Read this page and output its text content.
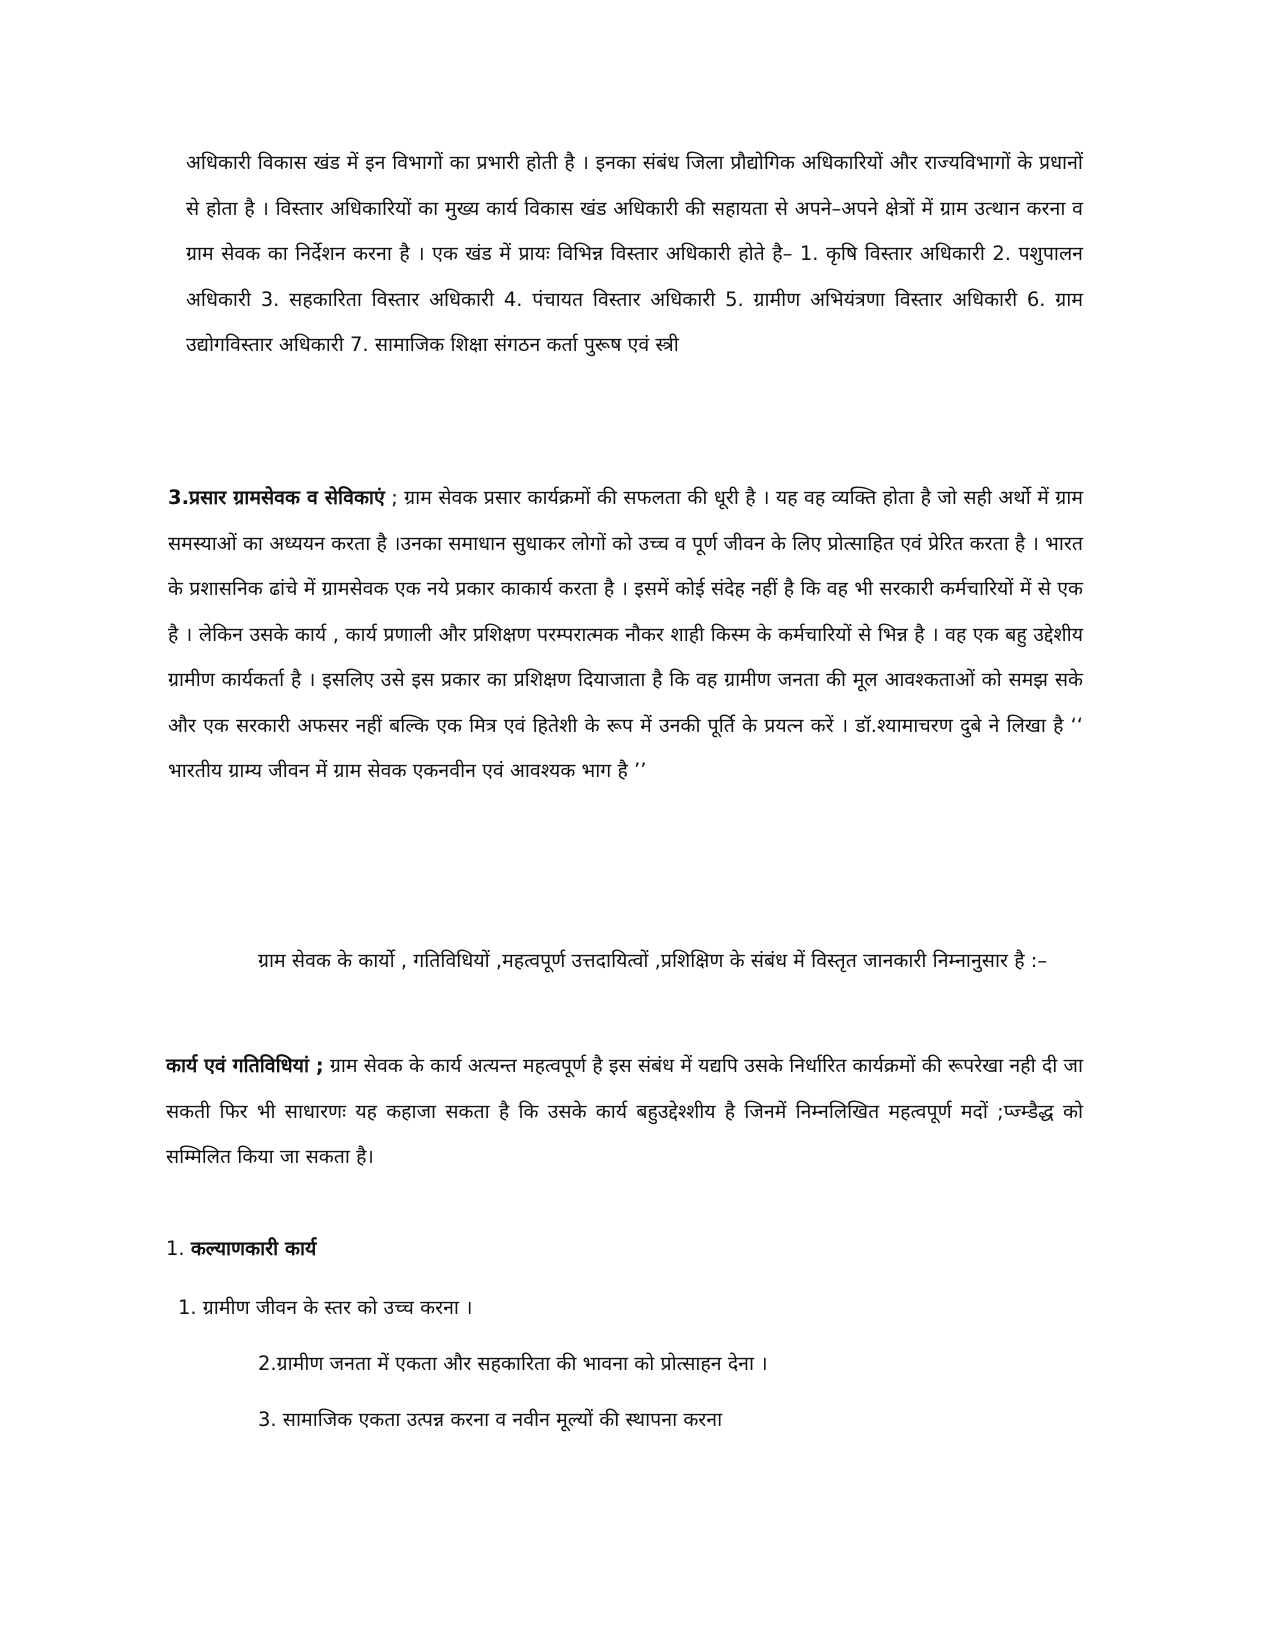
अधिकारी विकास खंड में इन विभागों का प्रभारी होती है । इनका संबंध जिला प्रौद्योगिक अधिकारियों और राज्यविभागों के प्रधानों से होता है । विस्तार अधिकारियों का मुख्य कार्य विकास खंड अधिकारी की सहायता से अपने–अपने क्षेत्रों में ग्राम उत्थान करना व ग्राम सेवक का निर्देशन करना है । एक खंड में प्रायः विभिन्न विस्तार अधिकारी होते है– 1. कृषि विस्तार अधिकारी 2. पशुपालन अधिकारी 3. सहकारिता विस्तार अधिकारी 4. पंचायत विस्तार अधिकारी 5. ग्रामीण अभियंत्रणा विस्तार अधिकारी 6. ग्राम उद्योगविस्तार अधिकारी 7. सामाजिक शिक्षा संगठन कर्ता पुरूष एवं स्त्री

3.प्रसार ग्रामसेवक व सेविकाएं ; ग्राम सेवक प्रसार कार्यक्रमों की सफलता की धूरी है । यह वह व्यक्ति होता है जो सही अर्थो में ग्राम समस्याओं का अध्ययन करता है ।उनका समाधान सुधाकर लोगों को उच्च व पूर्ण जीवन के लिए प्रोत्साहित एवं प्रेरित करता है । भारत के प्रशासनिक ढांचे में ग्रामसेवक एक नये प्रकार काकार्य करता है । इसमें कोई संदेह नहीं है कि वह भी सरकारी कर्मचारियों में से एक है । लेकिन उसके कार्य , कार्य प्रणाली और प्रशिक्षण परम्परात्मक नौकर शाही किस्म के कर्मचारियों से भिन्न है । वह एक बहु उद्देशीय ग्रामीण कार्यकर्ता है । इसलिए उसे इस प्रकार का प्रशिक्षण दियाजाता है कि वह ग्रामीण जनता की मूल आवश्कताओं को समझ सके और एक सरकारी अफसर नहीं बल्कि एक मित्र एवं हितेशी के रूप में उनकी पूर्ति के प्रयत्न करें । डॉ.श्यामाचरण दुबे ने लिखा है ‘‘ भारतीय ग्राम्य जीवन में ग्राम सेवक एकनवीन एवं आवश्यक भाग है ’’

ग्राम सेवक के कार्यो , गतिविधियों ,महत्वपूर्ण उत्तदायित्वों ,प्रशिक्षिण के संबंध में विस्तृत जानकारी निम्नानुसार है :–

कार्य एवं गतिविधियां ; ग्राम सेवक के कार्य अत्यन्त महत्वपूर्ण है इस संबंध में यद्यपि उसके निर्धारित कार्यक्रमों की रूपरेखा नही दी जा सकती फिर भी साधारणः यह कहाजा सकता है कि उसके कार्य बहुउद्देश्शीय है जिनमें निम्नलिखित महत्वपूर्ण मदों ;प्ज्म्डैद्ध को सम्मिलित किया जा सकता है।

1. कल्याणकारी कार्य

1. ग्रामीण जीवन के स्तर को उच्च करना ।

2.ग्रामीण जनता में एकता और सहकारिता की भावना को प्रोत्साहन देना ।

3. सामाजिक एकता उत्पन्न करना व नवीन मूल्यों की स्थापना करना
